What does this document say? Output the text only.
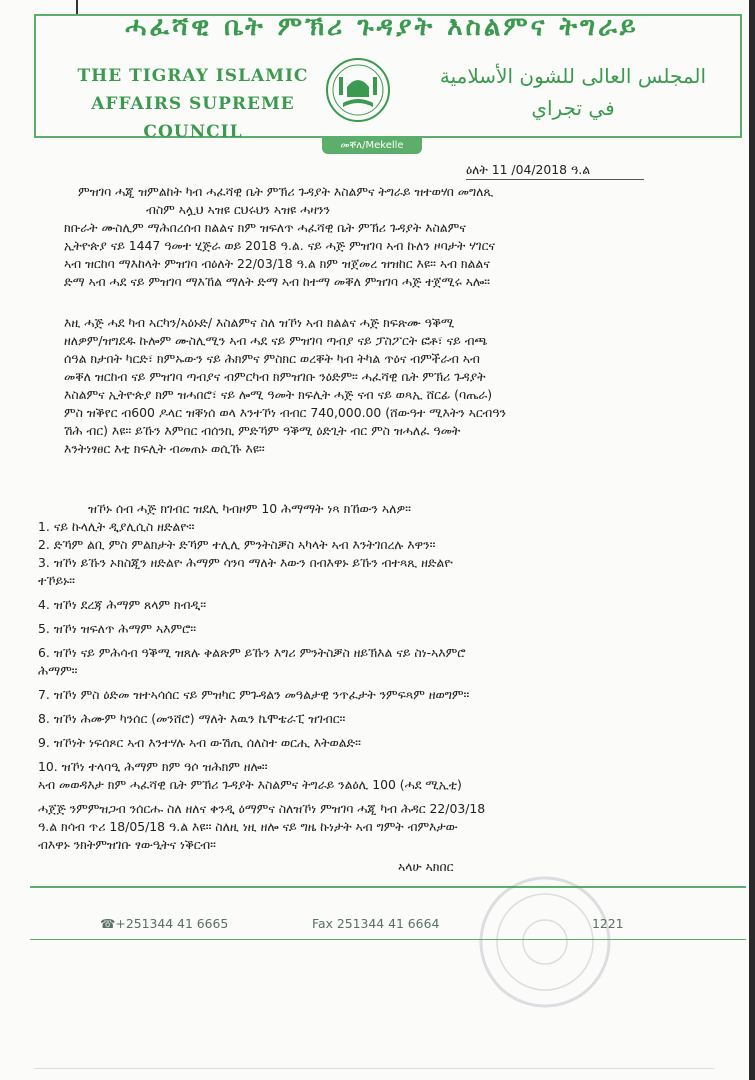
ሓፈሻዊ ቤት ምኽሪ ጉዳያት እስልምና ትግራይ
THE TIGRAY ISLAMIC
AFFAIRS SUPREME
COUNCIL
المجلس العالى للشون الأسلامية
في تجراي
መቐለ/Mekelle
ዕለት 11 /04/2018 ዓ.ል
ምዝገባ ሓጂ ዝምልከት ካብ ሓፈሻዊ ቤት ምኽሪ ጉዳያት እስልምና ትግራይ ዝተወሃበ መግለጺ
ብስም ኣሏህ ኣዝዩ ርህሩህን ኣዝዩ ሓዛንን
ክቡራት ሙስሊም ማሕበረሰብ ክልልና ክም ዝፍለጥ ሓፈሻዊ ቤት ምኽሪ ጉዳያት እስልምና
ኢትዮጵያ ናይ 1447 ዓመተ ሂጅራ ወይ 2018 ዓ.ል. ናይ ሓጅ ምዝገባ ኣብ ኩለን ዞባታት ሃገርና
ኣብ ዝርከባ ማእከላት ምዝገባ ብዕለት 22/03/18 ዓ.ል ክም ዝጀመረ ዝዝከር እዩ። ኣብ ክልልና
ድማ ኣብ ሓደ ናይ ምዝገባ ማእኸል ማለት ድማ ኣብ ከተማ መቐለ ምዝገባ ሓጅ ተጀሚሩ ኣሎ።
እዚ ሓጅ ሓደ ካብ ኣርካን/ኣዕኑድ/ እስልምና ስለ ዝኾነ ኣብ ክልልና ሓጅ ክፍጽሙ ዓቕሚ
ዘለዎም/ዝግደዱ ኩሎም ሙስሊሚን ኣብ ሓደ ናይ ምዝገባ ጣብያ ናይ ፓስፖርት ፎቶ፣ ናይ ብጫ
ሰዓል ክታበት ካርድ፣ ክምኡውን ናይ ሕክምና ምስክር ወረቐት ካብ ትካል ጥዕና ብምችራብ ኣብ
መቐለ ዝርከብ ናይ ምዝገባ ጣብያና ብምርካብ ክምዝገቡ ንዕድም። ሓፈሻዊ ቤት ምኽሪ ጉዳያት
እስልምና ኢትዮጵያ ክም ዝሓበሮ፣ ናይ ሎሚ ዓመት ክፍሊት ሓጅ ናብ ናይ ወጻኢ ሸርፊ (ባጤራ)
ምስ ዝቕየር ብ600 ዶላር ዝቐነሰ ወላ እንተኾነ ብብር 740,000.00 (ሸውዓተ ሚእትን ኣርብዓን
ሽሕ ብር) እዩ። ይኹን እምበር ብሰንኪ ምድኻም ዓቕሚ ዕድጊት ብር ምስ ዝሓለፈ ዓመት
እንትነፃፀር እቲ ክፍሊት ብመጠኑ ወሲኹ እዩ።
ዝኾኑ ሰብ ሓጅ ክገብር ዝደሊ ካብዞም 10 ሕማማት ነጻ ክኸውን ኣለዎ።
1. ናይ ኩላሊት ዲያሊሲስ ዘድልዮ።
2. ድኻም ልቢ ምስ ምልክታት ድኻም ተሊሊ ምንትስቓስ ኣካላት ኣብ እንትገበረሉ እዋን።
3. ዝኾነ ይኹን ኦክስጂን ዘድልዮ ሕማም ሳንባ ማለት እውን በብእዋኑ ይኹን ብተጻጺ ዘድልዮ
ተኾይኑ።
4. ዝኾነ ደረጃ ሕማም ጸላም ክብዲ።
5. ዝኾነ ዝፍለጥ ሕማም ኣእምሮ።
6. ዝኾነ ናይ ምሕሳብ ዓቕሚ ዝጸሉ ቅልጽም ይኹን እግሪ ምንትስቓስ ዘይኽእል ናይ ስነ-ኣእምሮ
ሕማም።
7. ዝኾነ ምስ ዕድመ ዝተኣሳሰር ናይ ምዝካር ምጉዳልን መዓልታዊ ንጥፈታት ንምፍጻም ዘወግም።
8. ዝኾነ ሕሙም ካንሰር (መንሸሮ) ማለት እዉን ኬሞቴራፒ ዝገብር።
9. ዝኾነት ነፍሰጾር ኣብ እንተሃሉ ኣብ ውሽጢ ሰለስተ ወርሒ እትወልድ።
10. ዝኾነ ተላባዒ ሕማም ክም ዓሶ ዝሕክም ዘሎ።
ኣብ መወዳእታ ክም ሓፈሻዊ ቤት ምኽሪ ጉዳያት እስልምና ትግራይ ንልዕሊ 100 (ሓደ ሚኢቲ)
ሓጀጅ ንምምዝጋብ ንሰርሑ ስለ ዘለና ቀንዲ ዕማምና ስለዝኾነ ምዝገባ ሓጂ ካብ ሕዳር 22/03/18
ዓ.ል ክሳብ ጥሪ 18/05/18 ዓ.ል እዩ። ስለዚ ነዚ ዘሎ ናይ ግዜ ኩነታት ኣብ ግምት ብምእታው
ብእዋኑ ንክትምዝገቡ ፃውዒትና ነቕርብ።
ኣላሁ ኣክበር
☎+251344 41 6665	Fax 251344 41 6664	1221
